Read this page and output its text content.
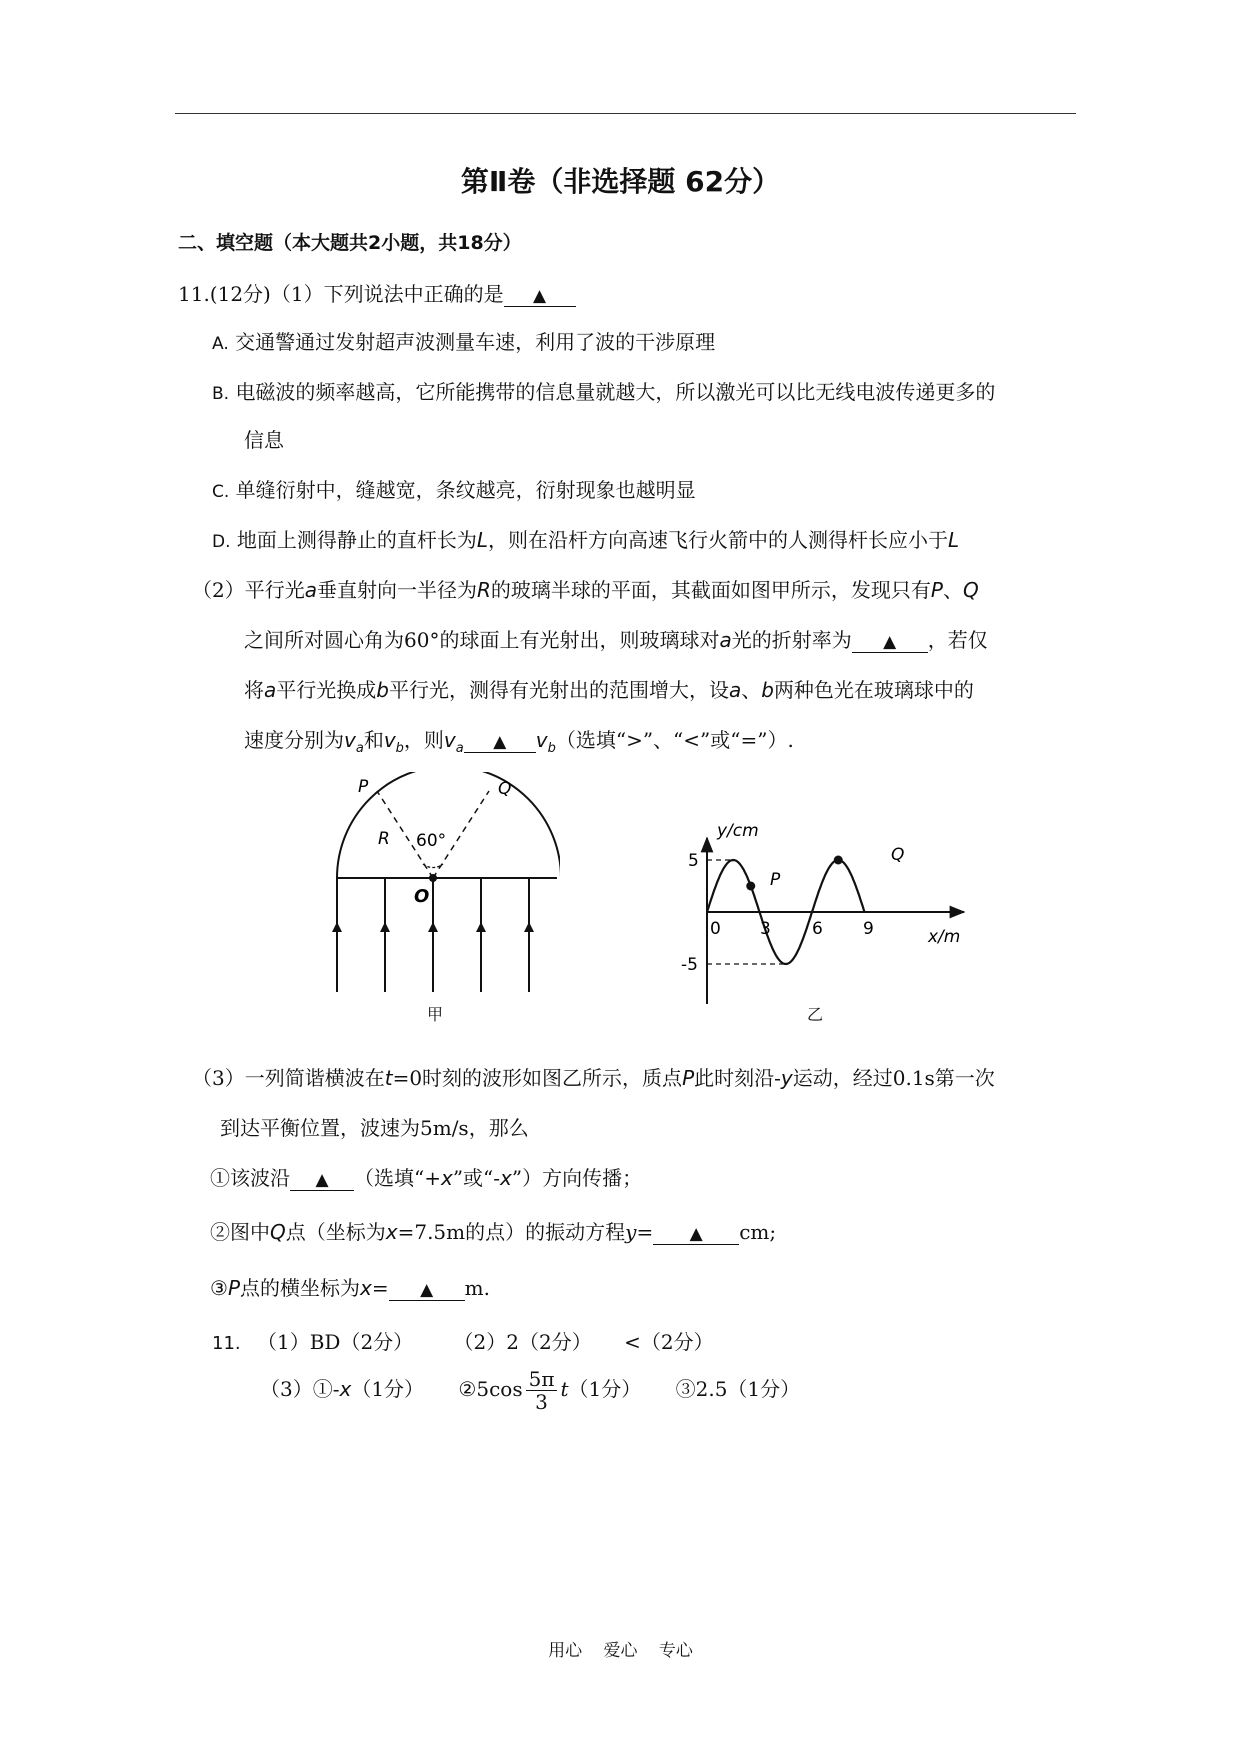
第Ⅱ卷（非选择题 62分）
二、填空题（本大题共2小题，共18分）
11.(12分)（1）下列说法中正确的是 ▲
A. 交通警通过发射超声波测量车速，利用了波的干涉原理
B. 电磁波的频率越高，它所能携带的信息量就越大，所以激光可以比无线电波传递更多的
信息
C. 单缝衍射中，缝越宽，条纹越亮，衍射现象也越明显
D. 地面上测得静止的直杆长为L，则在沿杆方向高速飞行火箭中的人测得杆长应小于L
（2）平行光a垂直射向一半径为R的玻璃半球的平面，其截面如图甲所示，发现只有P、Q
之间所对圆心角为60°的球面上有光射出，则玻璃球对a光的折射率为 ▲ ，若仅
将a平行光换成b平行光，测得有光射出的范围增大，设a、b两种色光在玻璃球中的
速度分别为$v_a$和$v_b$，则$v_a$ ▲ $v_b$（选填“>”、“<”或“=”）.
P	Q
R 60°
O
甲
y/cm
x/m
5
-5
0 3 6 9
P
Q
乙
（3）一列简谐横波在t=0时刻的波形如图乙所示，质点P此时刻沿-y运动，经过0.1s第一次
到达平衡位置，波速为5m/s，那么
①该波沿 ▲ （选填“+x”或“-x”）方向传播；
②图中Q点（坐标为x=7.5m的点）的振动方程y= ▲ cm;
③P点的横坐标为x= ▲ m.
11. （1）BD（2分） （2）2（2分） <（2分）
（3）①-x（1分） ②5cos $\frac{5\pi}{3} t(1$分） ③2.5（1分）
用心 爱心 专心
